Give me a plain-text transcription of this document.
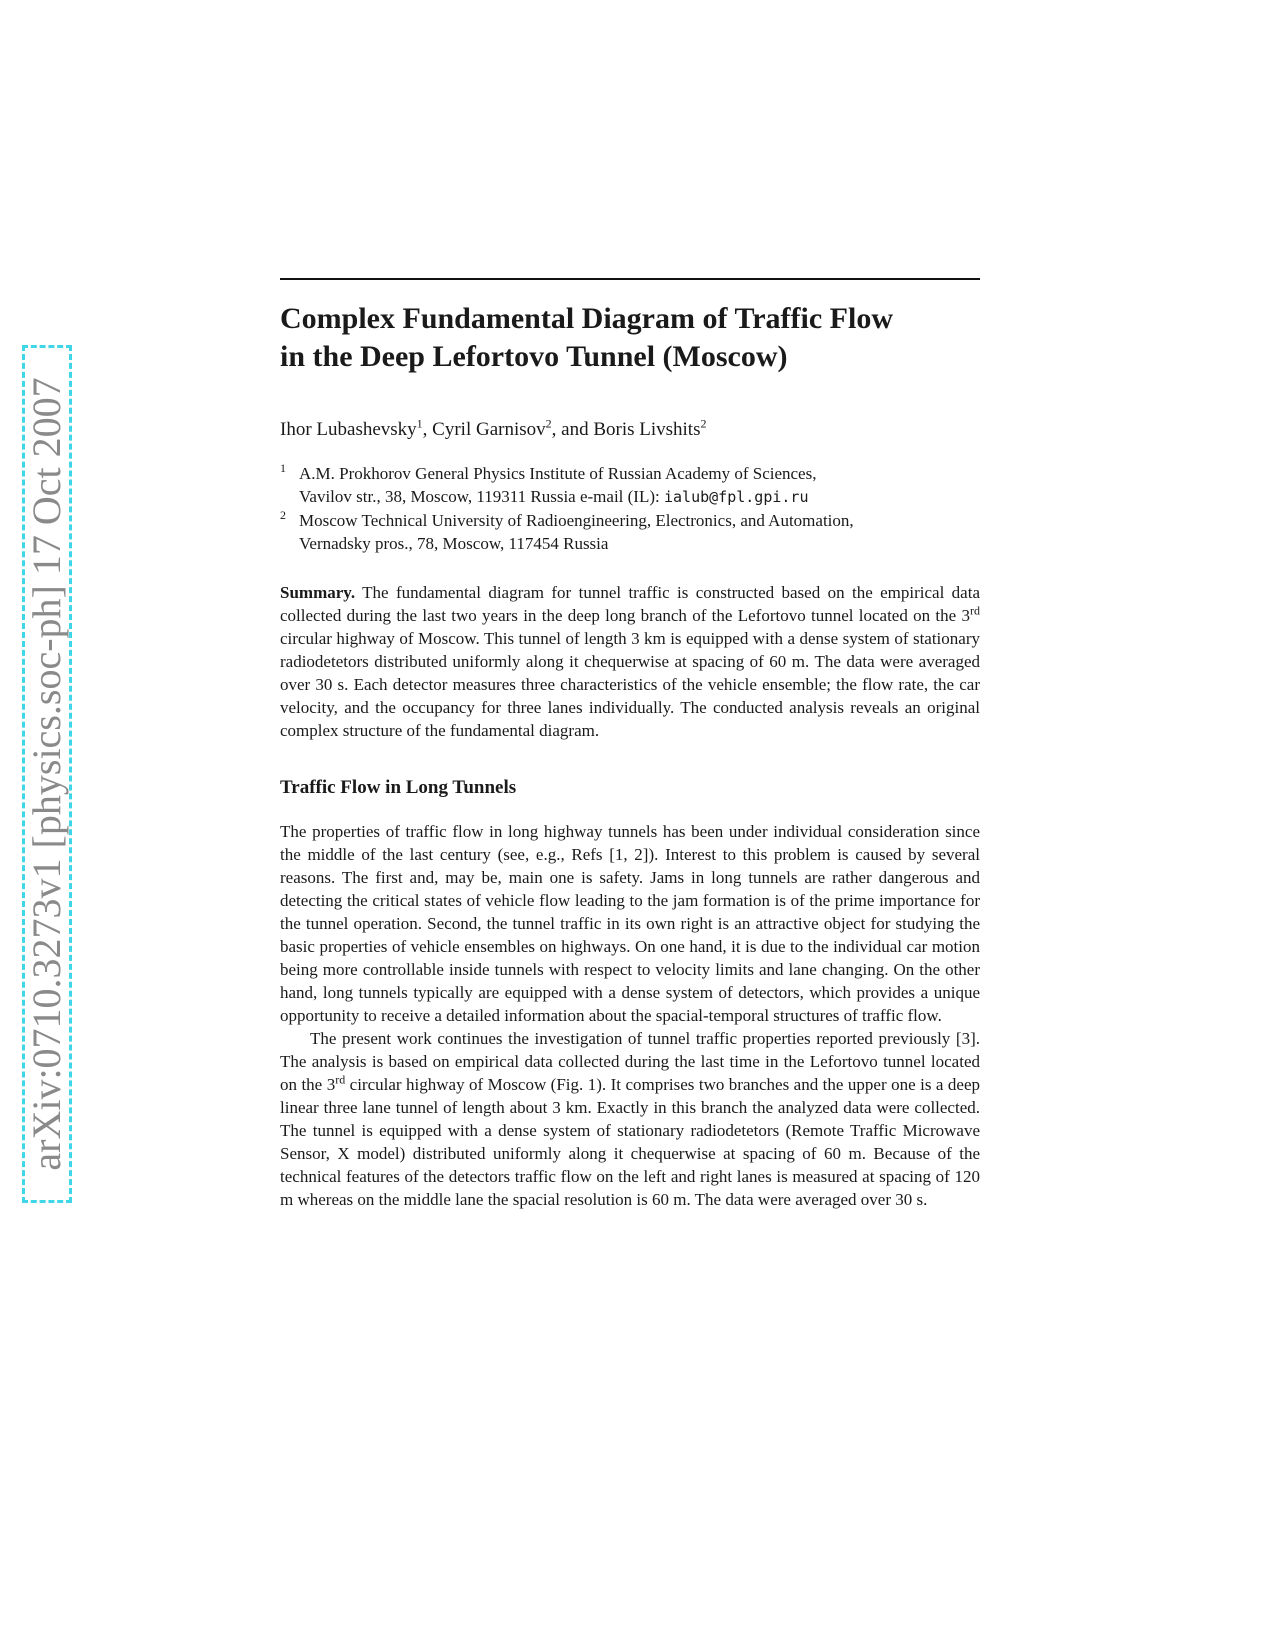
arXiv:0710.3273v1 [physics.soc-ph] 17 Oct 2007
Complex Fundamental Diagram of Traffic Flow
in the Deep Lefortovo Tunnel (Moscow)
Ihor Lubashevsky$^1$, Cyril Garnisov$^2$, and Boris Livshits$^2$
1 A.M. Prokhorov General Physics Institute of Russian Academy of Sciences,
Vavilov str., 38, Moscow, 119311 Russia e-mail (IL): ialub@fpl.gpi.ru
2 Moscow Technical University of Radioengineering, Electronics, and Automation,
Vernadsky pros., 78, Moscow, 117454 Russia

Summary. The fundamental diagram for tunnel traffic is constructed based on the empirical data collected during the last two years in the deep long branch of the Lefortovo tunnel located on the 3rd circular highway of Moscow. This tunnel of length 3 km is equipped with a dense system of stationary radiodetetors distributed uniformly along it chequerwise at spacing of 60 m. The data were averaged over 30 s. Each detector measures three characteristics of the vehicle ensemble; the flow rate, the car velocity, and the occupancy for three lanes individually. The conducted analysis reveals an original complex structure of the fundamental diagram.

Traffic Flow in Long Tunnels

The properties of traffic flow in long highway tunnels has been under individual consideration since the middle of the last century (see, e.g., Refs [1, 2]). Interest to this problem is caused by several reasons. The first and, may be, main one is safety. Jams in long tunnels are rather dangerous and detecting the critical states of vehicle flow leading to the jam formation is of the prime importance for the tunnel operation. Second, the tunnel traffic in its own right is an attractive object for studying the basic properties of vehicle ensembles on highways. On one hand, it is due to the individual car motion being more controllable inside tunnels with respect to velocity limits and lane changing. On the other hand, long tunnels typically are equipped with a dense system of detectors, which provides a unique opportunity to receive a detailed information about the spacial-temporal structures of traffic flow.

The present work continues the investigation of tunnel traffic properties reported previously [3]. The analysis is based on empirical data collected during the last time in the Lefortovo tunnel located on the 3rd circular highway of Moscow (Fig. 1). It comprises two branches and the upper one is a deep linear three lane tunnel of length about 3 km. Exactly in this branch the analyzed data were collected. The tunnel is equipped with a dense system of stationary radiodetetors (Remote Traffic Microwave Sensor, X model) distributed uniformly along it chequerwise at spacing of 60 m. Because of the technical features of the detectors traffic flow on the left and right lanes is measured at spacing of 120 m whereas on the middle lane the spacial resolution is 60 m. The data were averaged over 30 s.
